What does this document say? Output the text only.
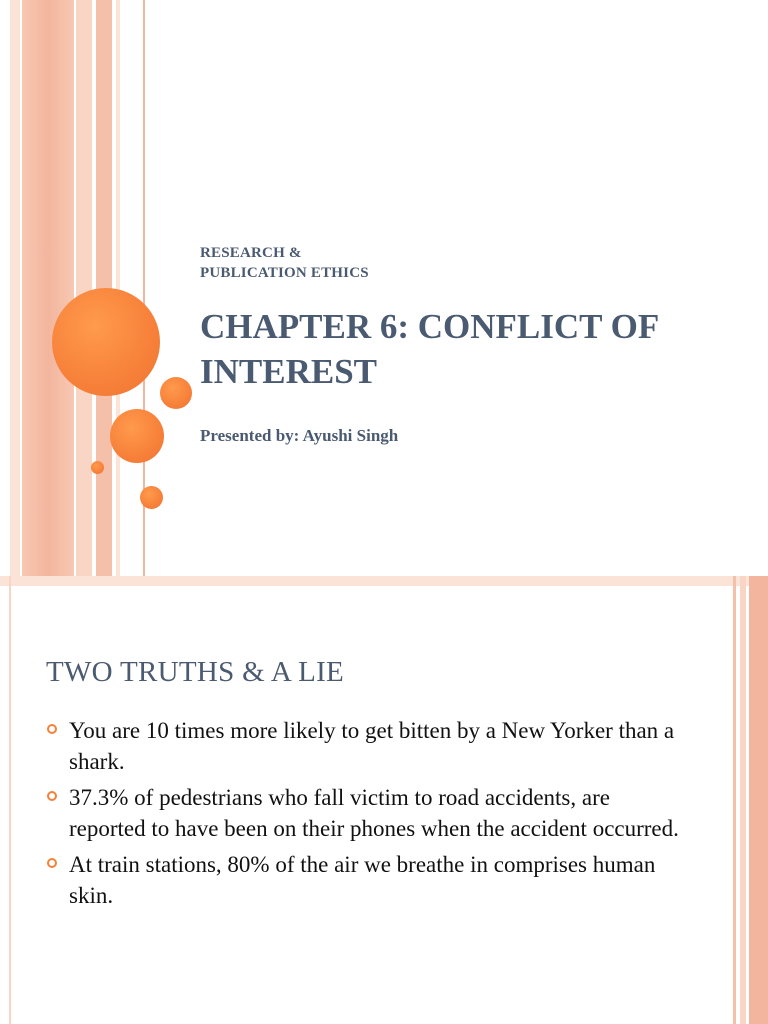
RESEARCH &
PUBLICATION ETHICS
CHAPTER 6: CONFLICT OF
INTEREST
Presented by: Ayushi Singh
TWO TRUTHS & A LIE
You are 10 times more likely to get bitten by a New Yorker than a shark.
37.3% of pedestrians who fall victim to road accidents, are reported to have been on their phones when the accident occurred.
At train stations, 80% of the air we breathe in comprises human skin.
